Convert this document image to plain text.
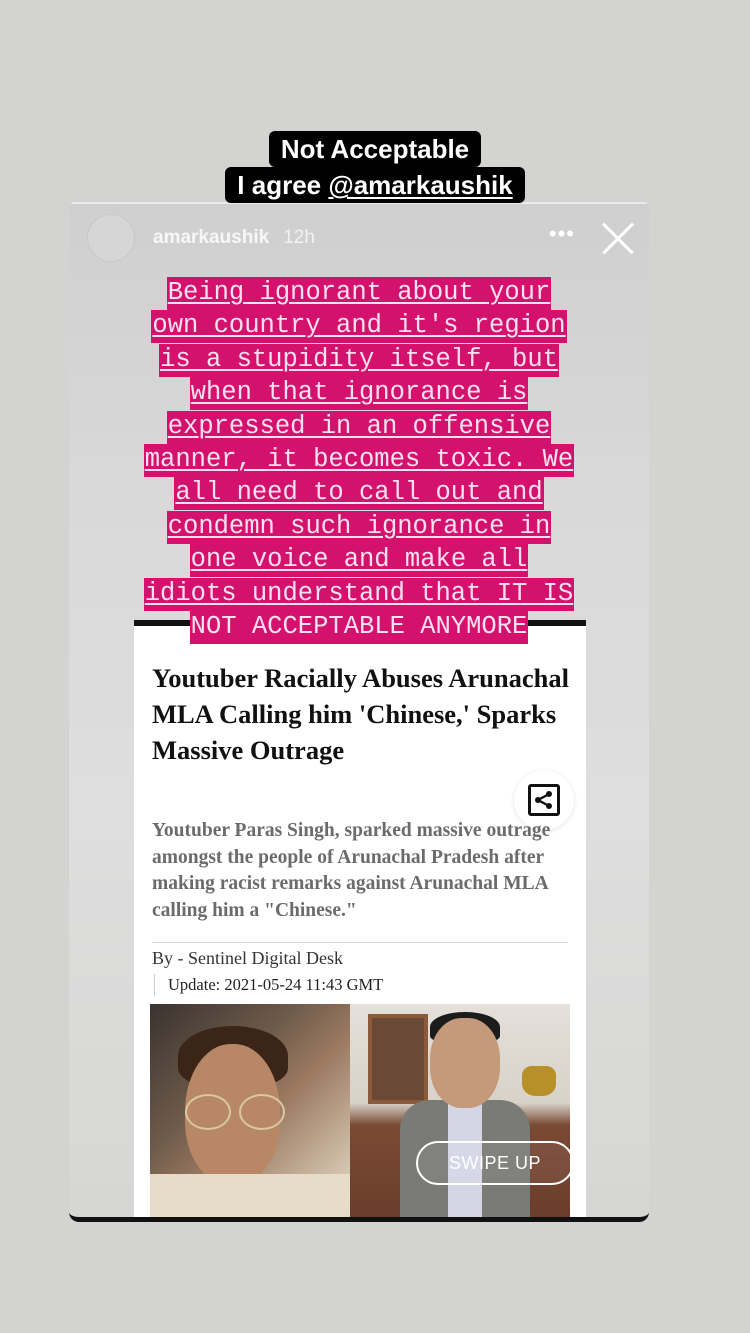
Not Acceptable
I agree @amarkaushik
amarkaushik 12h	•••
Being ignorant about your
own country and it's region
is a stupidity itself, but
when that ignorance is
expressed in an offensive
manner, it becomes toxic. We
all need to call out and
condemn such ignorance in
one voice and make all
idiots understand that IT IS
NOT ACCEPTABLE ANYMORE
Youtuber Racially Abuses Arunachal MLA Calling him 'Chinese,' Sparks Massive Outrage
Youtuber Paras Singh, sparked massive outrage amongst the people of Arunachal Pradesh after making racist remarks against Arunachal MLA calling him a "Chinese."
By - Sentinel Digital Desk
Update: 2021-05-24 11:43 GMT
SWIPE UP
